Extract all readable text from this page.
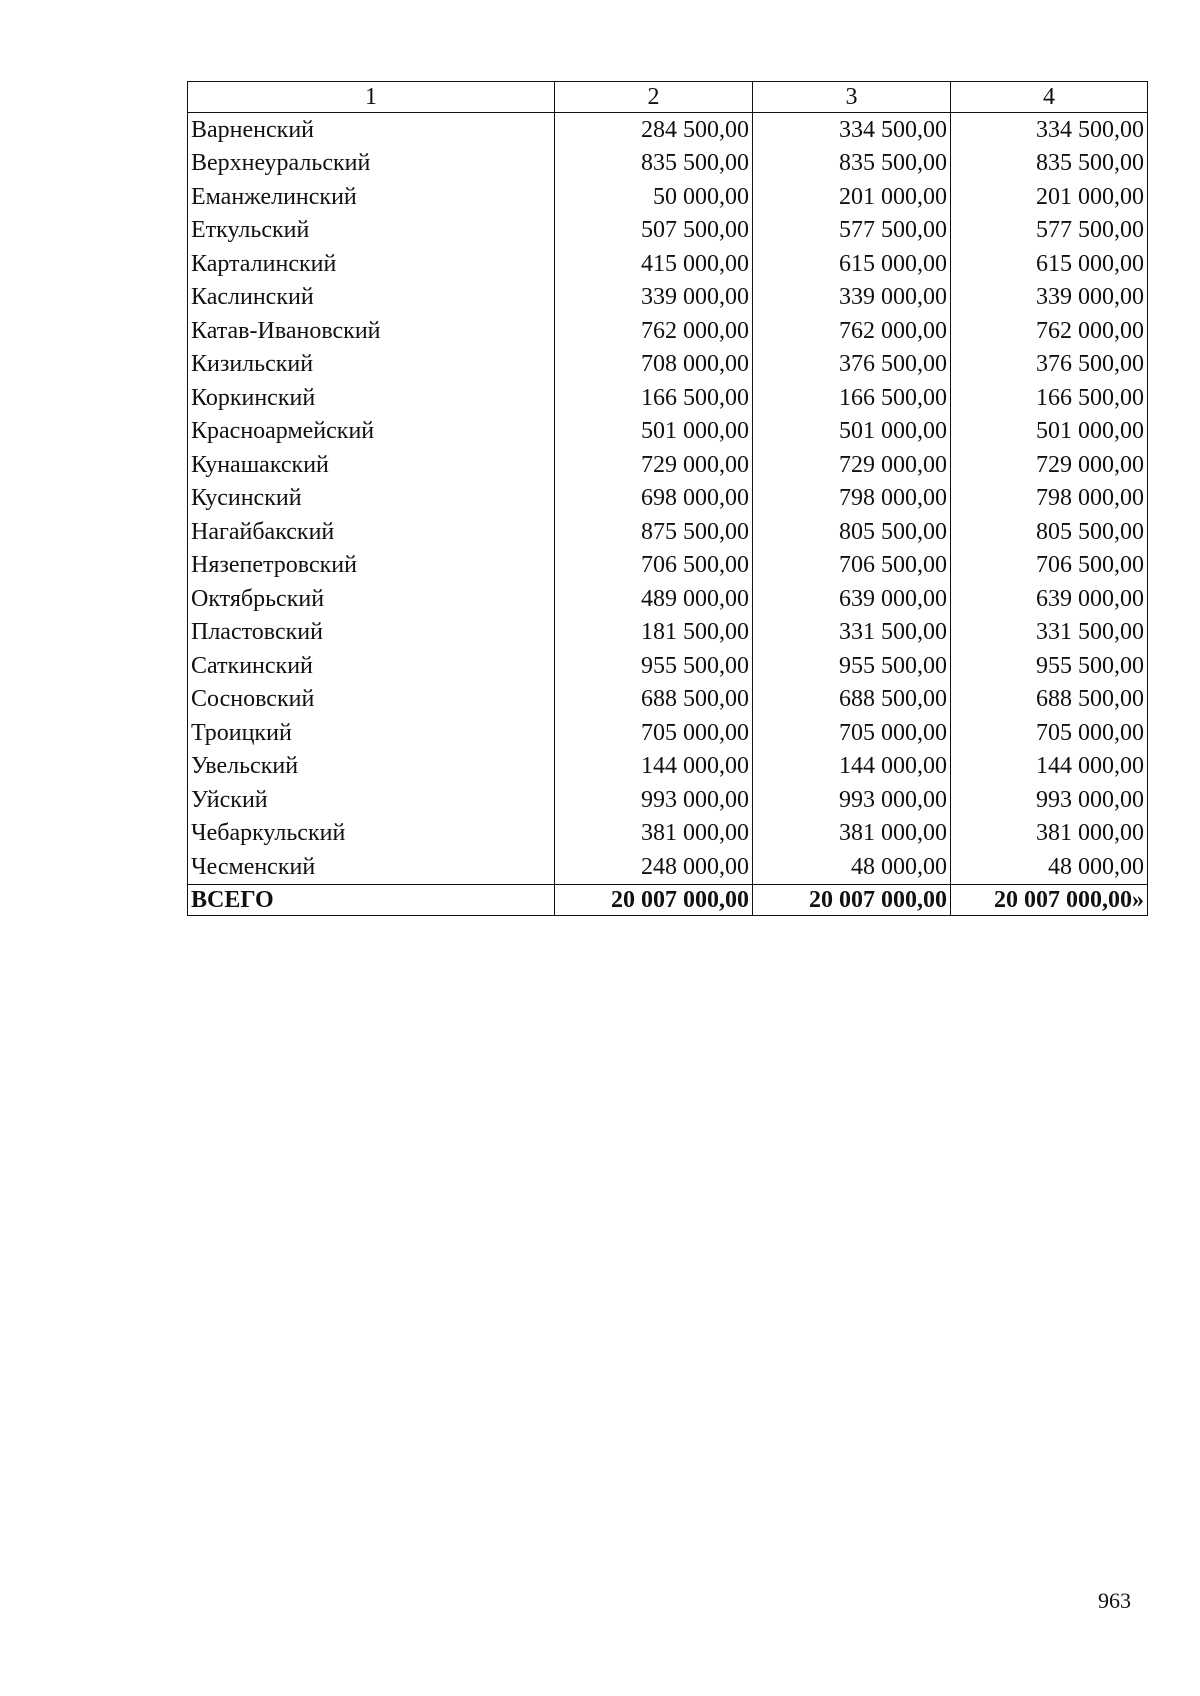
1	2	3	4
Варненский	284 500,00	334 500,00	334 500,00
Верхнеуральский	835 500,00	835 500,00	835 500,00
Еманжелинский	50 000,00	201 000,00	201 000,00
Еткульский	507 500,00	577 500,00	577 500,00
Карталинский	415 000,00	615 000,00	615 000,00
Каслинский	339 000,00	339 000,00	339 000,00
Катав-Ивановский	762 000,00	762 000,00	762 000,00
Кизильский	708 000,00	376 500,00	376 500,00
Коркинский	166 500,00	166 500,00	166 500,00
Красноармейский	501 000,00	501 000,00	501 000,00
Кунашакский	729 000,00	729 000,00	729 000,00
Кусинский	698 000,00	798 000,00	798 000,00
Нагайбакский	875 500,00	805 500,00	805 500,00
Нязепетровский	706 500,00	706 500,00	706 500,00
Октябрьский	489 000,00	639 000,00	639 000,00
Пластовский	181 500,00	331 500,00	331 500,00
Саткинский	955 500,00	955 500,00	955 500,00
Сосновский	688 500,00	688 500,00	688 500,00
Троицкий	705 000,00	705 000,00	705 000,00
Увельский	144 000,00	144 000,00	144 000,00
Уйский	993 000,00	993 000,00	993 000,00
Чебаркульский	381 000,00	381 000,00	381 000,00
Чесменский	248 000,00	48 000,00	48 000,00
ВСЕГО	20 007 000,00	20 007 000,00	20 007 000,00»
963
